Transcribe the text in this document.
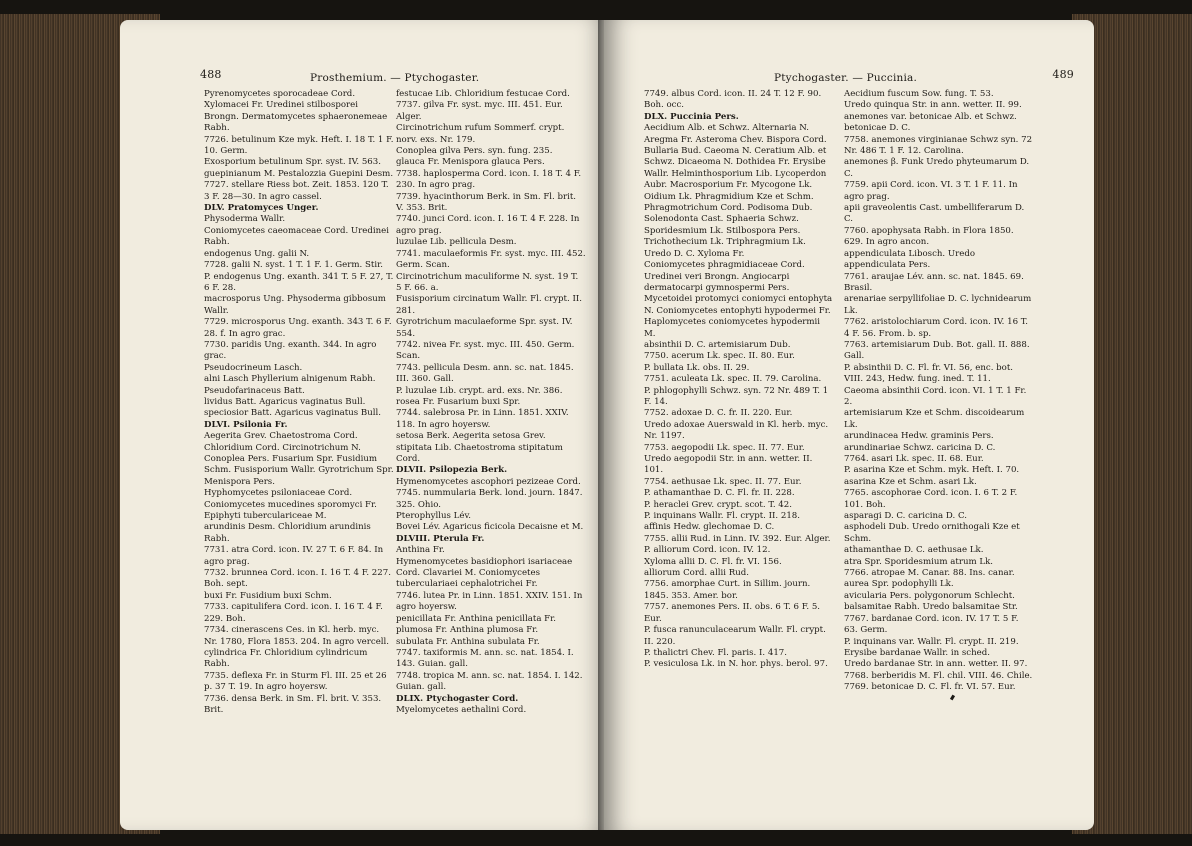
488	Prosthemium. — Ptychogaster.

Pyrenomycetes sporocadeae Cord. Xylomacei Fr. Uredinei stilbosporei Brongn. Dermatomycetes sphaeronemeae Rabh.

7726. betulinum Kze myk. Heft. I. 18 T. 1 F. 10. Germ.

Exosporium betulinum Spr. syst. IV. 563.

guepinianum M. Pestalozzia Guepini Desm.

7727. stellare Riess bot. Zeit. 1853. 120 T. 3 F. 28—30. In agro cassel.

DLV. Pratomyces Unger.

Physoderma Wallr.

Coniomycetes caeomaceae Cord. Uredinei Rabh.

endogenus Ung. galii N.

7728. galii N. syst. 1 T. 1 F. 1. Germ. Stir.

P. endogenus Ung. exanth. 341 T. 5 F. 27, T. 6 F. 28.

macrosporus Ung. Physoderma gibbosum Wallr.

7729. microsporus Ung. exanth. 343 T. 6 F. 28. f. In agro grac.

7730. paridis Ung. exanth. 344. In agro grac.

Pseudocrineum Lasch.

alni Lasch Phyllerium alnigenum Rabh.

Pseudofarinaceus Batt.

lividus Batt. Agaricus vaginatus Bull.

speciosior Batt. Agaricus vaginatus Bull.

DLVI. Psilonia Fr.

Aegerita Grev. Chaetostroma Cord. Chloridium Cord. Circinotrichum N. Conoplea Pers. Fusarium Spr. Fusidium Schm. Fusisporium Wallr. Gyrotrichum Spr. Menispora Pers.

Hyphomycetes psiloniaceae Cord. Coniomycetes mucedines sporomyci Fr. Epiphyti tuberculariceae M.

arundinis Desm. Chloridium arundinis Rabh.

7731. atra Cord. icon. IV. 27 T. 6 F. 84. In agro prag.

7732. brunnea Cord. icon. I. 16 T. 4 F. 227. Boh. sept.

buxi Fr. Fusidium buxi Schm.

7733. capitulifera Cord. icon. I. 16 T. 4 F. 229. Boh.

7734. cinerascens Ces. in Kl. herb. myc. Nr. 1780, Flora 1853. 204. In agro vercell.

cylindrica Fr. Chloridium cylindricum Rabh.

7735. deflexa Fr. in Sturm Fl. III. 25 et 26 p. 37 T. 19. In agro hoyersw.

7736. densa Berk. in Sm. Fl. brit. V. 353. Brit.

festucae Lib. Chloridium festucae Cord.

7737. gilva Fr. syst. myc. III. 451. Eur. Alger.

Circinotrichum rufum Sommerf. crypt. norv. exs. Nr. 179.

Conoplea gilva Pers. syn. fung. 235.

glauca Fr. Menispora glauca Pers.

7738. haplosperma Cord. icon. I. 18 T. 4 F. 230. In agro prag.

7739. hyacinthorum Berk. in Sm. Fl. brit. V. 353. Brit.

7740. junci Cord. icon. I. 16 T. 4 F. 228. In agro prag.

luzulae Lib. pellicula Desm.

7741. maculaeformis Fr. syst. myc. III. 452. Germ. Scan.

Circinotrichum maculiforme N. syst. 19 T. 5 F. 66. a.

Fusisporium circinatum Wallr. Fl. crypt. II. 281.

Gyrotrichum maculaeforme Spr. syst. IV. 554.

7742. nivea Fr. syst. myc. III. 450. Germ. Scan.

7743. pellicula Desm. ann. sc. nat. 1845. III. 360. Gall.

P. luzulae Lib. crypt. ard. exs. Nr. 386.

rosea Fr. Fusarium buxi Spr.

7744. salebrosa Pr. in Linn. 1851. XXIV. 118. In agro hoyersw.

setosa Berk. Aegerita setosa Grev.

stipitata Lib. Chaetostroma stipitatum Cord.

DLVII. Psilopezia Berk.

Hymenomycetes ascophori pezizeae Cord.

7745. nummularia Berk. lond. journ. 1847. 325. Ohio.

Pterophyllus Lév.

Bovei Lév. Agaricus ficicola Decaisne et M.

DLVIII. Pterula Fr.

Anthina Fr.

Hymenomycetes basidiophori isariaceae Cord. Clavariei M. Coniomycetes tuberculariaei cephalotrichei Fr.

7746. lutea Pr. in Linn. 1851. XXIV. 151. In agro hoyersw.

penicillata Fr. Anthina penicillata Fr.

plumosa Fr. Anthina plumosa Fr.

subulata Fr. Anthina subulata Fr.

7747. taxiformis M. ann. sc. nat. 1854. I. 143. Guian. gall.

7748. tropica M. ann. sc. nat. 1854. I. 142. Guian. gall.

DLIX. Ptychogaster Cord.

Myelomycetes aethalini Cord.

Ptychogaster. — Puccinia.	489

7749. albus Cord. icon. II. 24 T. 12 F. 90. Boh. occ.

DLX. Puccinia Pers.

Aecidium Alb. et Schwz. Alternaria N. Aregma Fr. Asteroma Chev. Bispora Cord. Bullaria Bud. Caeoma N. Ceratium Alb. et Schwz. Dicaeoma N. Dothidea Fr. Erysibe Wallr. Helminthosporium Lib. Lycoperdon Aubr. Macrosporium Fr. Mycogone Lk. Oidium Lk. Phragmidium Kze et Schm. Phragmotrichum Cord. Podisoma Dub. Solenodonta Cast. Sphaeria Schwz. Sporidesmium Lk. Stilbospora Pers. Trichothecium Lk. Triphragmium Lk. Uredo D. C. Xyloma Fr.

Coniomycetes phragmidiaceae Cord. Uredinei veri Brongn. Angiocarpi dermatocarpi gymnospermi Pers. Mycetoidei protomyci coniomyci entophyta N. Coniomycetes entophyti hypodermei Fr. Haplomycetes coniomycetes hypodermii M.

absinthii D. C. artemisiarum Dub.

7750. acerum Lk. spec. II. 80. Eur.

P. bullata Lk. obs. II. 29.

7751. aculeata Lk. spec. II. 79. Carolina.

P. phlogophylli Schwz. syn. 72 Nr. 489 T. 1 F. 14.

7752. adoxae D. C. fr. II. 220. Eur.

Uredo adoxae Auerswald in Kl. herb. myc. Nr. 1197.

7753. aegopodii Lk. spec. II. 77. Eur. Uredo aegopodii Str. in ann. wetter. II. 101.

7754. aethusae Lk. spec. II. 77. Eur.

P. athamanthae D. C. Fl. fr. II. 228.

P. heraclei Grev. crypt. scot. T. 42.

P. inquinans Wallr. Fl. crypt. II. 218.

affinis Hedw. glechomae D. C.

7755. allii Rud. in Linn. IV. 392. Eur. Alger.

P. alliorum Cord. icon. IV. 12.

Xyloma allii D. C. Fl. fr. VI. 156.

alliorum Cord. allii Rud.

7756. amorphae Curt. in Sillim. journ. 1845. 353. Amer. bor.

7757. anemones Pers. II. obs. 6 T. 6 F. 5. Eur.

P. fusca ranunculacearum Wallr. Fl. crypt. II. 220.

P. thalictri Chev. Fl. paris. I. 417.

P. vesiculosa Lk. in N. hor. phys. berol. 97.

Aecidium fuscum Sow. fung. T. 53.

Uredo quinqua Str. in ann. wetter. II. 99.

anemones var. betonicae Alb. et Schwz. betonicae D. C.

7758. anemones virginianae Schwz syn. 72 Nr. 486 T. 1 F. 12. Carolina.

anemones β. Funk Uredo phyteumarum D. C.

7759. apii Cord. icon. VI. 3 T. 1 F. 11. In agro prag.

apii graveolentis Cast. umbelliferarum D. C.

7760. apophysata Rabh. in Flora 1850. 629. In agro ancon.

appendiculata Libosch. Uredo appendiculata Pers.

7761. araujae Lév. ann. sc. nat. 1845. 69. Brasil.

arenariae serpyllifoliae D. C. lychnidearum Lk.

7762. aristolochiarum Cord. icon. IV. 16 T. 4 F. 56. From. b. sp.

7763. artemisiarum Dub. Bot. gall. II. 888. Gall.

P. absinthii D. C. Fl. fr. VI. 56, enc. bot. VIII. 243, Hedw. fung. ined. T. 11.

Caeoma absinthii Cord. icon. VI. 1 T. 1 Fr. 2.

artemisiarum Kze et Schm. discoidearum Lk.

arundinacea Hedw. graminis Pers.

arundinariae Schwz. caricina D. C.

7764. asari Lk. spec. II. 68. Eur.

P. asarina Kze et Schm. myk. Heft. I. 70.

asarina Kze et Schm. asari Lk.

7765. ascophorae Cord. icon. I. 6 T. 2 F. 101. Boh.

asparagi D. C. caricina D. C.

asphodeli Dub. Uredo ornithogali Kze et Schm.

athamanthae D. C. aethusae Lk.

atra Spr. Sporidesmium atrum Lk.

7766. atropae M. Canar. 88. Ins. canar. aurea Spr. podophylli Lk.

avicularia Pers. polygonorum Schlecht.

balsamitae Rabh. Uredo balsamitae Str.

7767. bardanae Cord. icon. IV. 17 T. 5 F. 63. Germ.

P. inquinans var. Wallr. Fl. crypt. II. 219.

Erysibe bardanae Wallr. in sched.

Uredo bardanae Str. in ann. wetter. II. 97.

7768. berberidis M. Fl. chil. VIII. 46. Chile.

7769. betonicae D. C. Fl. fr. VI. 57. Eur.
